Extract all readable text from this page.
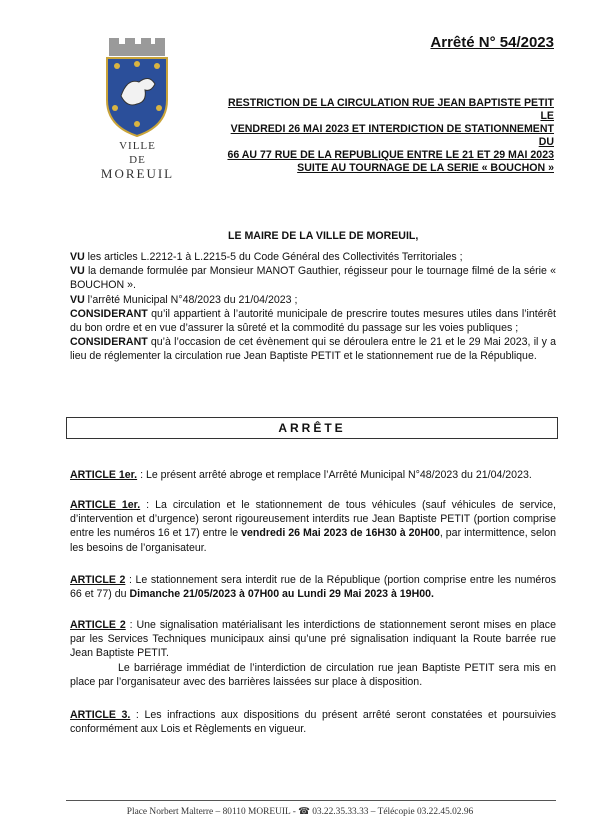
VILLE
DE
MOREUIL
Arrêté N° 54/2023
RESTRICTION DE LA CIRCULATION RUE JEAN BAPTISTE PETIT LE
VENDREDI 26 MAI 2023 ET INTERDICTION DE STATIONNEMENT DU
66 AU 77 RUE DE LA REPUBLIQUE ENTRE LE 21 ET 29 MAI 2023
SUITE AU TOURNAGE DE LA SERIE « BOUCHON »
LE MAIRE DE LA VILLE DE MOREUIL,

VU les articles L.2212-1 à L.2215-5 du Code Général des Collectivités Territoriales ;

VU la demande formulée par Monsieur MANOT Gauthier, régisseur pour le tournage filmé de la série « BOUCHON ».

VU l’arrêté Municipal N°48/2023 du 21/04/2023 ;

CONSIDERANT qu’il appartient à l’autorité municipale de prescrire toutes mesures utiles dans l’intérêt du bon ordre et en vue d’assurer la sûreté et la commodité du passage sur les voies publiques ;

CONSIDERANT qu’à l’occasion de cet évènement qui se déroulera entre le 21 et le 29 Mai 2023, il y a lieu de réglementer la circulation rue Jean Baptiste PETIT et le stationnement rue de la République.

ARRÊTE

ARTICLE 1er. : Le présent arrêté abroge et remplace l’Arrêté Municipal N°48/2023 du 21/04/2023.

ARTICLE 1er. : La circulation et le stationnement de tous véhicules (sauf véhicules de service, d’intervention et d’urgence) seront rigoureusement interdits rue Jean Baptiste PETIT (portion comprise entre les numéros 16 et 17) entre le vendredi 26 Mai 2023 de 16H30 à 20H00, par intermittence, selon les besoins de l’organisateur.

ARTICLE 2 : Le stationnement sera interdit rue de la République (portion comprise entre les numéros 66 et 77) du Dimanche 21/05/2023 à 07H00 au Lundi 29 Mai 2023 à 19H00.

ARTICLE 2 : Une signalisation matérialisant les interdictions de stationnement seront mises en place par les Services Techniques municipaux ainsi qu’une pré signalisation indiquant la Route barrée rue Jean Baptiste PETIT.

Le barriérage immédiat de l’interdiction de circulation rue jean Baptiste PETIT sera mis en place par l’organisateur avec des barrières laissées sur place à disposition.

ARTICLE 3. : Les infractions aux dispositions du présent arrêté seront constatées et poursuivies conformément aux Lois et Règlements en vigueur.

Place Norbert Malterre – 80110 MOREUIL - ☎ 03.22.35.33.33 – Télécopie 03.22.45.02.96
